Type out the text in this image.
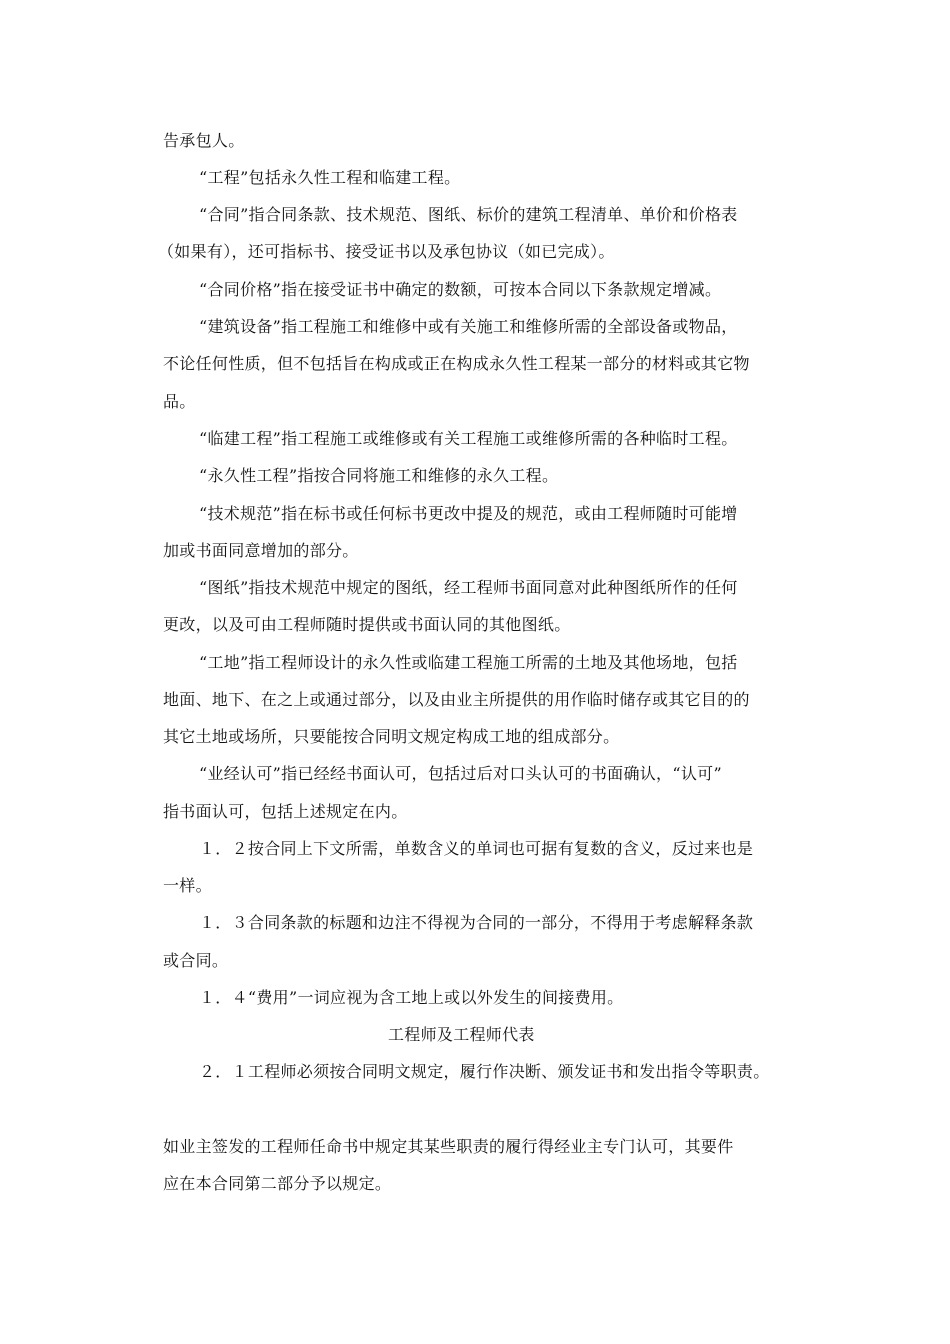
告承包人。
“工程”包括永久性工程和临建工程。
“合同”指合同条款、技术规范、图纸、标价的建筑工程清单、单价和价格表
（如果有），还可指标书、接受证书以及承包协议（如已完成）。
“合同价格”指在接受证书中确定的数额，可按本合同以下条款规定增减。
“建筑设备”指工程施工和维修中或有关施工和维修所需的全部设备或物品，
不论任何性质，但不包括旨在构成或正在构成永久性工程某一部分的材料或其它物
品。
“临建工程”指工程施工或维修或有关工程施工或维修所需的各种临时工程。
“永久性工程”指按合同将施工和维修的永久工程。
“技术规范”指在标书或任何标书更改中提及的规范，或由工程师随时可能增
加或书面同意增加的部分。
“图纸”指技术规范中规定的图纸，经工程师书面同意对此种图纸所作的任何
更改，以及可由工程师随时提供或书面认同的其他图纸。
“工地”指工程师设计的永久性或临建工程施工所需的土地及其他场地，包括
地面、地下、在之上或通过部分，以及由业主所提供的用作临时储存或其它目的的
其它土地或场所，只要能按合同明文规定构成工地的组成部分。
“业经认可”指已经经书面认可，包括过后对口头认可的书面确认，“认可”
指书面认可，包括上述规定在内。
１．２按合同上下文所需，单数含义的单词也可据有复数的含义，反过来也是
一样。
１．３合同条款的标题和边注不得视为合同的一部分，不得用于考虑解释条款
或合同。
１．４“费用”一词应视为含工地上或以外发生的间接费用。
工程师及工程师代表
２．１工程师必须按合同明文规定，履行作决断、颁发证书和发出指令等职责。
如业主签发的工程师任命书中规定其某些职责的履行得经业主专门认可，其要件
应在本合同第二部分予以规定。
